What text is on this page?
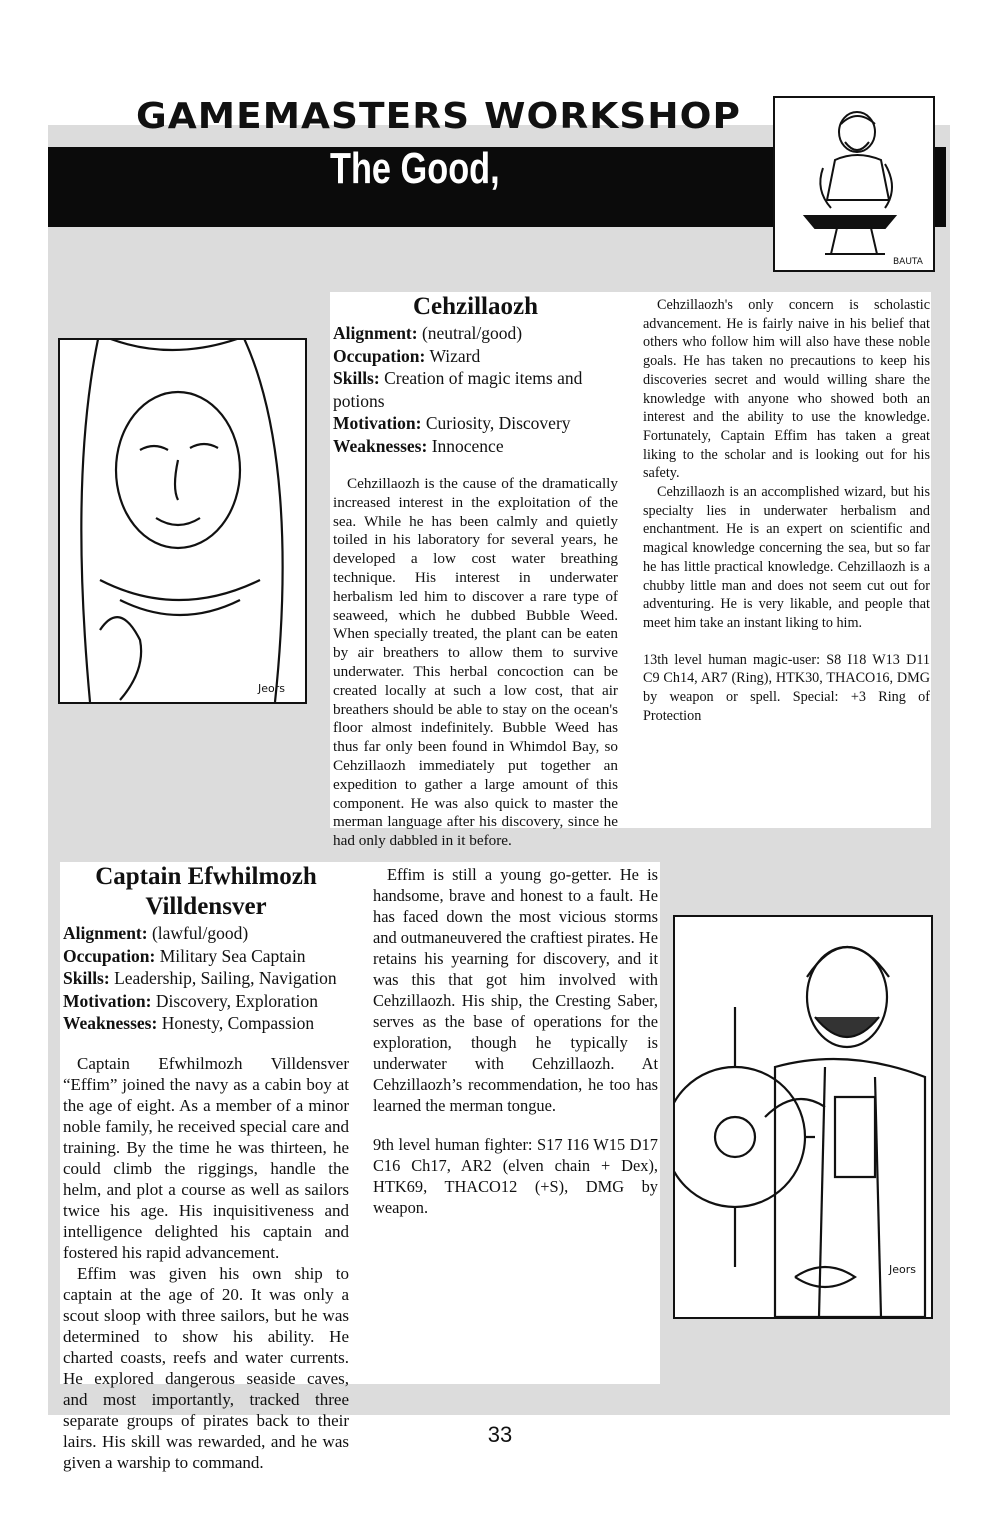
GAMEMASTERS WORKSHOP
The Good,
BAUTA
Jeors
Cehzillaozh
Alignment: (neutral/good)
Occupation: Wizard
Skills: Creation of magic items and potions
Motivation: Curiosity, Discovery
Weaknesses: Innocence

Cehzillaozh is the cause of the dramatically increased interest in the exploitation of the sea. While he has been calmly and quietly toiled in his laboratory for several years, he developed a low cost water breathing technique. His interest in underwater herbalism led him to discover a rare type of seaweed, which he dubbed Bubble Weed. When specially treated, the plant can be eaten by air breathers to allow them to survive underwater. This herbal concoction can be created locally at such a low cost, that air breathers should be able to stay on the ocean's floor almost indefinitely. Bubble Weed has thus far only been found in Whimdol Bay, so Cehzillaozh immediately put together an expedition to gather a large amount of this component. He was also quick to master the merman language after his discovery, since he had only dabbled in it before.

Cehzillaozh's only concern is scholastic advancement. He is fairly naive in his belief that others who follow him will also have these noble goals. He has taken no precautions to keep his discoveries secret and would willing share the knowledge with anyone who showed both an interest and the ability to use the knowledge. Fortunately, Captain Effim has taken a great liking to the scholar and is looking out for his safety.

Cehzillaozh is an accomplished wizard, but his specialty lies in underwater herbalism and enchantment. He is an expert on scientific and magical knowledge concerning the sea, but so far he has little practical knowledge. Cehzillaozh is a chubby little man and does not seem cut out for adventuring. He is very likable, and people that meet him take an instant liking to him.

13th level human magic-user: S8 I18 W13 D11 C9 Ch14, AR7 (Ring), HTK30, THACO16, DMG by weapon or spell. Special: +3 Ring of Protection

Captain Efwhilmozh
Villdensver
Alignment: (lawful/good)
Occupation: Military Sea Captain
Skills: Leadership, Sailing, Navigation
Motivation: Discovery, Exploration
Weaknesses: Honesty, Compassion

Captain Efwhilmozh Villdensver “Effim” joined the navy as a cabin boy at the age of eight. As a member of a minor noble family, he received special care and training. By the time he was thirteen, he could climb the riggings, handle the helm, and plot a course as well as sailors twice his age. His inquisitiveness and intelligence delighted his captain and fostered his rapid advancement.

Effim was given his own ship to captain at the age of 20. It was only a scout sloop with three sailors, but he was determined to show his ability. He charted coasts, reefs and water currents. He explored dangerous seaside caves, and most importantly, tracked three separate groups of pirates back to their lairs. His skill was rewarded, and he was given a warship to command.

Effim is still a young go-getter. He is handsome, brave and honest to a fault. He has faced down the most vicious storms and outmaneuvered the craftiest pirates. He retains his yearning for discovery, and it was this that got him involved with Cehzillaozh. His ship, the Cresting Saber, serves as the base of operations for the exploration, though he typically is underwater with Cehzillaozh. At Cehzillaozh’s recommendation, he too has learned the merman tongue.

9th level human fighter: S17 I16 W15 D17 C16 Ch17, AR2 (elven chain + Dex), HTK69, THACO12 (+S), DMG by weapon.

Jeors
33
